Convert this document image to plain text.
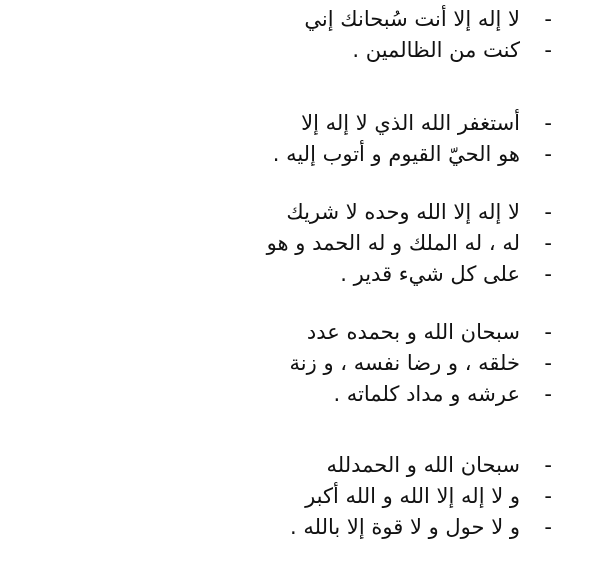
-لا إله إلا أنت سُبحانك إني
-كنت من الظالمين .
-أستغفر الله الذي لا إله إلا
-هو الحيّ القيوم و أتوب إليه .
-لا إله إلا الله وحده لا شريك
-له ، له الملك و له الحمد و هو
-على كل شيء قدير .
-سبحان الله و بحمده عدد
-خلقه ، و رضا نفسه ، و زنة
-عرشه و مداد كلماته .
-سبحان الله و الحمدلله
-و لا إله إلا الله و الله أكبر
-و لا حول و لا قوة إلا بالله .
